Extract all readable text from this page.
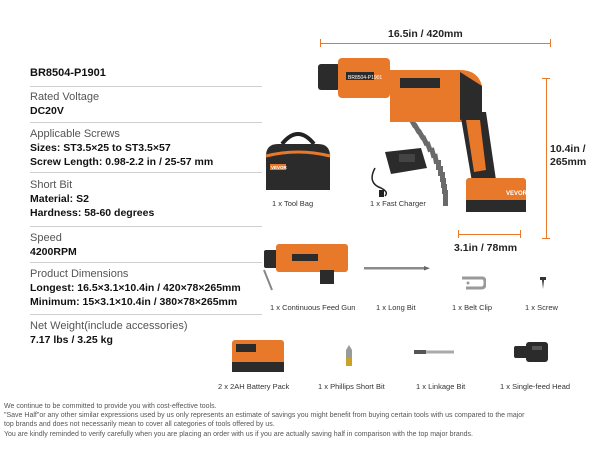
BR8504-P1901
Rated Voltage
DC20V
Applicable Screws
Sizes: ST3.5×25 to ST3.5×57
Screw Length: 0.98-2.2 in / 25-57 mm
Short Bit
Material: S2
Hardness: 58-60 degrees
Speed
4200RPM
Product Dimensions
Longest: 16.5×3.1×10.4in / 420×78×265mm
Minimum: 15×3.1×10.4in / 380×78×265mm
Net Weight(include accessories)
7.17 lbs / 3.25 kg
16.5in / 420mm
10.4in /
265mm
3.1in / 78mm
BR8504-P1901
VEVOR
VEVOR
1 x Tool Bag	1 x Fast Charger
1 x Continuous Feed Gun	1 x Long Bit	1 x Belt Clip	1 x Screw
2 x 2AH Battery Pack	1 x Phillips Short Bit	1 x Linkage Bit	1 x Single-feed Head
We continue to be committed to provide you with cost-effective tools.
"Save Half"or any other similar expressions used by us only represents an estimate of savings you might benefit from buying certain tools with us compared to the major
top brands and does not necessarily mean to cover all categories of tools offered by us.
You are kindly reminded to verify carefully when you are placing an order with us if you are actually saving half in comparison with the top major brands.
